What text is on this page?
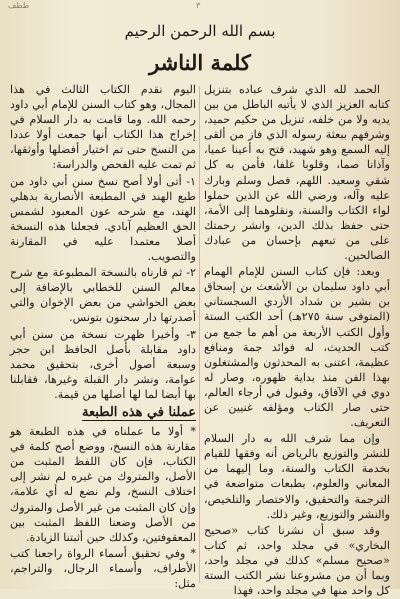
ططف	٣
بسم الله الرحمن الرحيم
كلمة الناشر

الحمد لله الذي شرف عباده بتنزيل كتابه العزيز الذي لا يأتيه الباطل من بين يديه ولا من خلفه، تنزيل من حكيم حميد، وشرفهم ببعثة رسوله الذي فاز من ألقى إليه السمع وهو شهيد، فتح به أعينا عميا، وآذانا صما، وقلوبا غلفا، فأمن به كل شقي وسعيد. اللهم، فصل وسلم وبارك عليه وآله، ورضي الله عن الذين حملوا لواء الكتاب والسنة، ونقلوهما إلى الأمة، حتى حفظ بذلك الدين، وانشر رحمتك على من تبعهم بإحسان من عبادك الصالحين.

وبعد: فإن كتاب السنن للإمام الهمام أبي داود سليمان بن الأشعث بن إسحاق بن بشير بن شداد الأزدي السجستاني (المتوفى سنة ٢٧٥هـ) أحد الكتب الستة وأول الكتب الأربعة من أهم ما جمع من كتب الحديث، له فوائد جمة ومنافع عظيمة، اعتنى به المحدثون والمشتغلون بهذا الفن منذ بداية ظهوره، وصار له دوي في الآفاق، وقبول في أرجاء العالم، حتى صار الكتاب ومؤلفه غنيين عن التعريف.

وإن مما شرف الله به دار السلام للنشر والتوزيع بالرياض أنه وفقها للقيام بخدمة الكتاب والسنة، وما إليهما من المعاني والعلوم، بطبعات متواضعة في الترجمة والتحقيق، والاختصار والتلخيص، والنشر والتوزيع، وغير ذلك.

وقد سبق أن نشرنا كتاب «صحيح البخاري» في مجلد واحد، ثم كتاب «صحيح مسلم» كذلك في مجلد واحد، وبما أن من مشروعنا نشر الكتب الستة كل واحد منها في مجلد واحد، فهذا

اليوم نقدم الكتاب الثالث في هذا المجال، وهو كتاب السنن للإمام أبي داود رحمه الله. وما قامت به دار السلام في إخراج هذا الكتاب أنها جمعت أولا عددا من النسخ حتى تم اختيار أفضلها وأوثقها، ثم تمت عليه الفحص والدراسة:

١- أتى أولا أصح نسخ سنن أبي داود من طبع الهند في المطبعة الأنصارية بدهلي الهند، مع شرحه عون المعبود لشمس الحق العظيم آبادي. فجعلنا هذه النسخة أصلا معتمدا عليه في المقارنة والتصويب.

٢- ثم قارناه بالنسخة المطبوعة مع شرح معالم السنن للخطابي بالإضافة إلى بعض الحواشي من بعض الإخوان والتي أصدرتها دار سحنون بتونس.

٣- وأخيرا ظهرت نسخة من سنن أبي داود مقابلة بأصل الحافظ ابن حجر وسبعة أصول أخرى، بتحقيق محمد عوامة، ونشر دار القبلة وغيرها، فقابلنا بها أيضا لما لها أصلها من قيمة.

عملنا في هذه الطبعة

* أولا ما عملناه في هذه الطبعة هو مقارنة هذه النسخ، ووضع أصح كلمة في الكتاب، فإن كان اللفظ المثبت من الأصل، والمتروك من غيره لم نشر إلى اختلاف النسخ، ولم نضع له أي علامة، وإن كان المثبت من غير الأصل والمتروك من الأصل وضعنا اللفظ المثبت بين المعقوفتين، وكذلك حين أثبتنا الزيادة.

* وفي تحقيق أسماء الرواة راجعنا كتب الأطراف، وأسماء الرجال، والتراجم، مثل:
